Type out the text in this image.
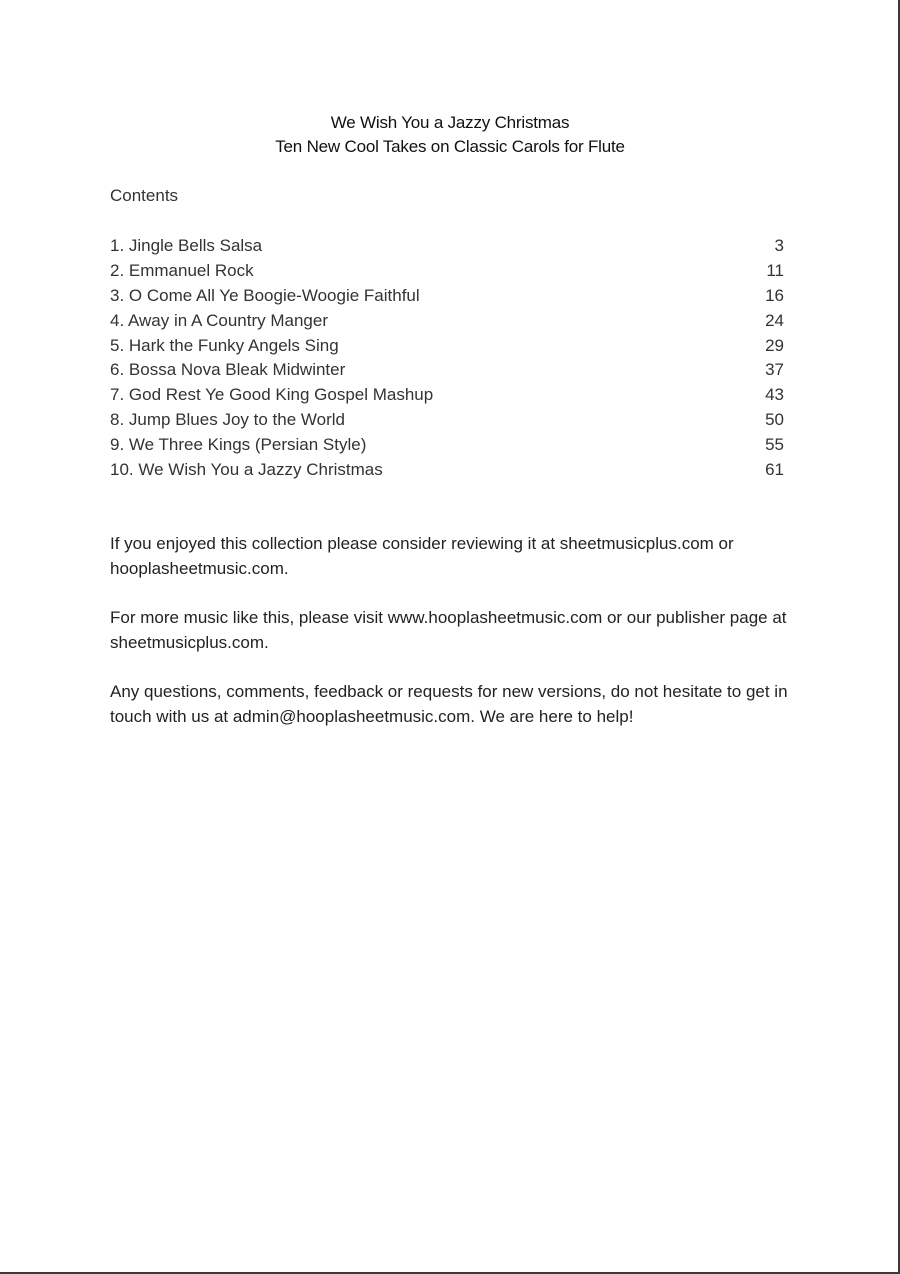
We Wish You a Jazzy Christmas
Ten New Cool Takes on Classic Carols for Flute
Contents
1. Jingle Bells Salsa	3
2. Emmanuel Rock	11
3. O Come All Ye Boogie-Woogie Faithful	16
4. Away in A Country Manger	24
5. Hark the Funky Angels Sing	29
6. Bossa Nova Bleak Midwinter	37
7. God Rest Ye Good King Gospel Mashup	43
8. Jump Blues Joy to the World	50
9. We Three Kings (Persian Style)	55
10. We Wish You a Jazzy Christmas	61

If you enjoyed this collection please consider reviewing it at sheetmusicplus.com or hooplasheetmusic.com.

For more music like this, please visit www.hooplasheetmusic.com or our publisher page at sheetmusicplus.com.

Any questions, comments, feedback or requests for new versions, do not hesitate to get in touch with us at admin@hooplasheetmusic.com. We are here to help!
